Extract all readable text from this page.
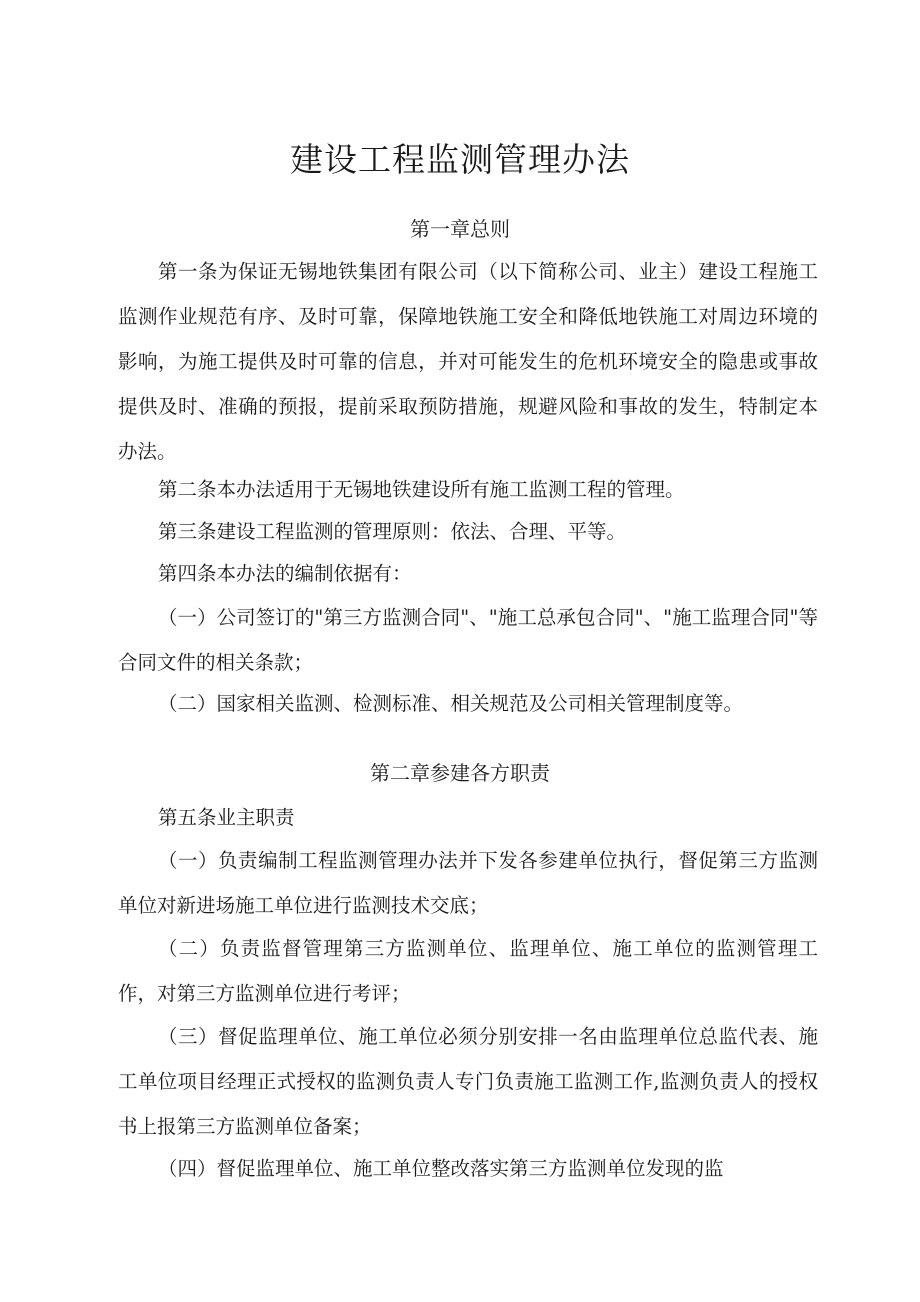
建设工程监测管理办法
第一章总则

第一条为保证无锡地铁集团有限公司（以下简称公司、业主）建设工程施工监测作业规范有序、及时可靠，保障地铁施工安全和降低地铁施工对周边环境的影响，为施工提供及时可靠的信息，并对可能发生的危机环境安全的隐患或事故提供及时、准确的预报，提前采取预防措施，规避风险和事故的发生，特制定本办法。

第二条本办法适用于无锡地铁建设所有施工监测工程的管理。

第三条建设工程监测的管理原则：依法、合理、平等。

第四条本办法的编制依据有：

（一）公司签订的"第三方监测合同"、"施工总承包合同"、"施工监理合同"等合同文件的相关条款；

（二）国家相关监测、检测标准、相关规范及公司相关管理制度等。

第二章参建各方职责

第五条业主职责

（一）负责编制工程监测管理办法并下发各参建单位执行，督促第三方监测单位对新进场施工单位进行监测技术交底；

（二）负责监督管理第三方监测单位、监理单位、施工单位的监测管理工作，对第三方监测单位进行考评；

（三）督促监理单位、施工单位必须分别安排一名由监理单位总监代表、施工单位项目经理正式授权的监测负责人专门负责施工监测工作,监测负责人的授权书上报第三方监测单位备案；

（四）督促监理单位、施工单位整改落实第三方监测单位发现的监
